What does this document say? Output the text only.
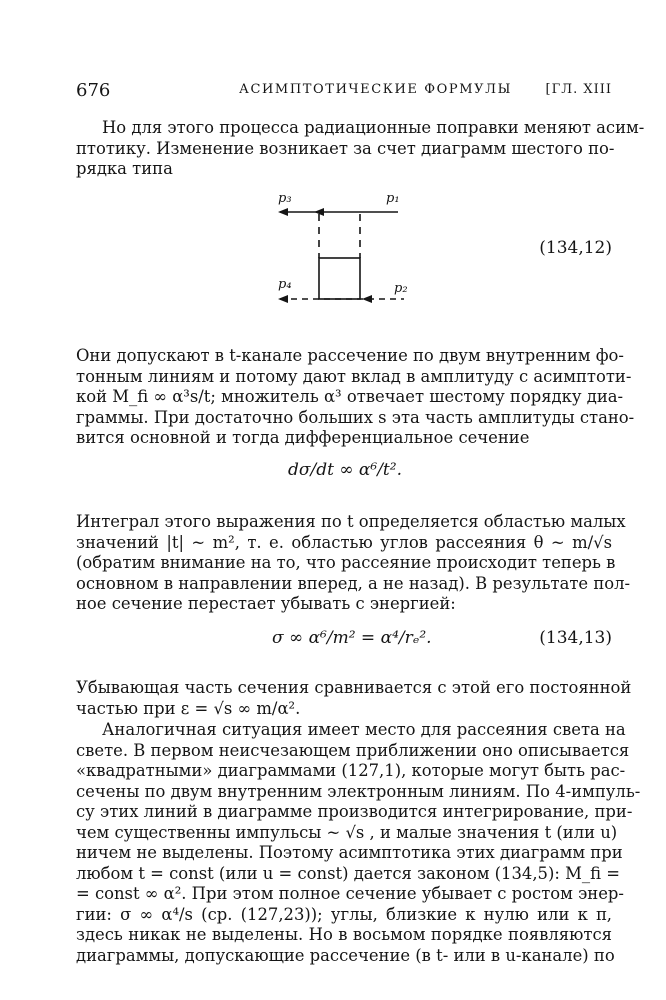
676	АСИМПТОТИЧЕСКИЕ ФОРМУЛЫ	[ГЛ. XIII

Но для этого процесса радиационные поправки меняют асим-
птотику. Изменение возникает за счет диаграмм шестого по-
рядка типа

p₃	p₁
p₄	p₂
(134,12)

Они допускают в t-канале рассечение по двум внутренним фо-
тонным линиям и потому дают вклад в амплитуду с асимптоти-
кой M_fi ∞ α³s/t; множитель α³ отвечает шестому порядку диа-
граммы. При достаточно больших s эта часть амплитуды стано-
вится основной и тогда дифференциальное сечение

dσ/dt ∞ α⁶/t².

Интеграл этого выражения по t определяется областью малых
значений |t| ~ m², т. е. областью углов рассеяния θ ~ m/√s
(обратим внимание на то, что рассеяние происходит теперь в
основном в направлении вперед, а не назад). В результате пол-
ное сечение перестает убывать с энергией:

σ ∞ α⁶/m² = α⁴/rₑ².	(134,13)

Убывающая часть сечения сравнивается с этой его постоянной
частью при ε = √s ∞ m/α².

Аналогичная ситуация имеет место для рассеяния света на
свете. В первом неисчезающем приближении оно описывается
«квадратными» диаграммами (127,1), которые могут быть рас-
сечены по двум внутренним электронным линиям. По 4-импуль-
су этих линий в диаграмме производится интегрирование, при-
чем существенны импульсы ~ √s , и малые значения t (или u)
ничем не выделены. Поэтому асимптотика этих диаграмм при
любом t = const (или u = const) дается законом (134,5): M_fi =
= const ∞ α². При этом полное сечение убывает с ростом энер-
гии: σ ∞ α⁴/s (ср. (127,23)); углы, близкие к нулю или к π,
здесь никак не выделены. Но в восьмом порядке появляются
диаграммы, допускающие рассечение (в t- или в u-канале) по
